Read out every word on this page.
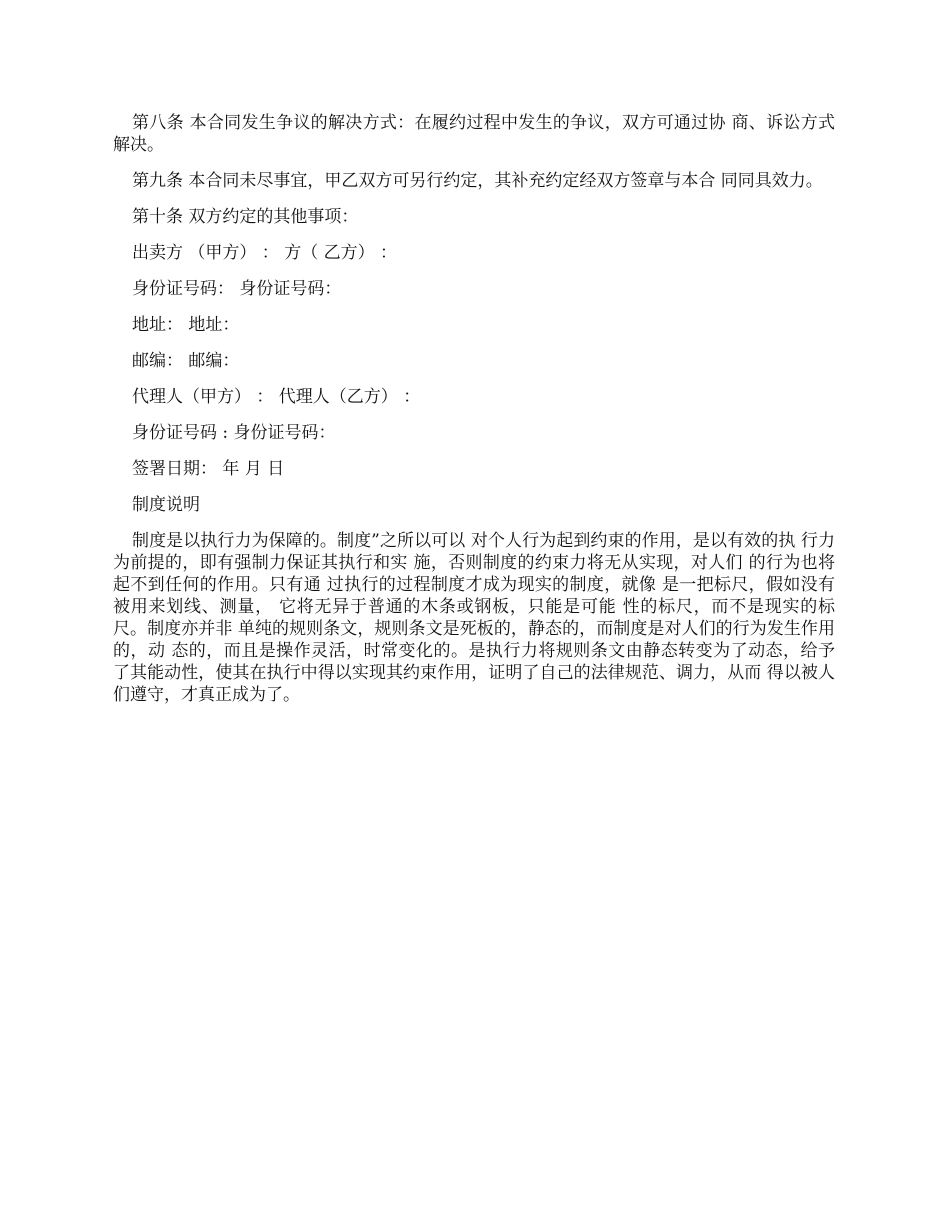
第八条 本合同发生争议的解决方式：在履约过程中发生的争议，双方可通过协 商、诉讼方式解决。

第九条 本合同未尽事宜，甲乙双方可另行约定，其补充约定经双方签章与本合 同同具效力。

第十条 双方约定的其他事项：

出卖方 （甲方） ： 方（ 乙方） ：

身份证号码： 身份证号码：

地址： 地址：

邮编： 邮编：

代理人（甲方） ： 代理人（乙方） ：

身份证号码 : 身份证号码：

签署日期： 年 月 日

制度说明

制度是以执行力为保障的。制度”之所以可以 对个人行为起到约束的作用，是以有效的执 行力为前提的，即有强制力保证其执行和实 施，否则制度的约束力将无从实现，对人们 的行为也将起不到任何的作用。只有通 过执行的过程制度才成为现实的制度，就像 是一把标尺，假如没有被用来划线、测量， 它将无异于普通的木条或钢板，只能是可能 性的标尺，而不是现实的标尺。制度亦并非 单纯的规则条文，规则条文是死板的，静态的，而制度是对人们的行为发生作用的，动 态的，而且是操作灵活，时常变化的。是执行力将规则条文由静态转变为了动态，给予 了其能动性，使其在执行中得以实现其约束作用，证明了自己的法律规范、调力，从而 得以被人们遵守，才真正成为了。
